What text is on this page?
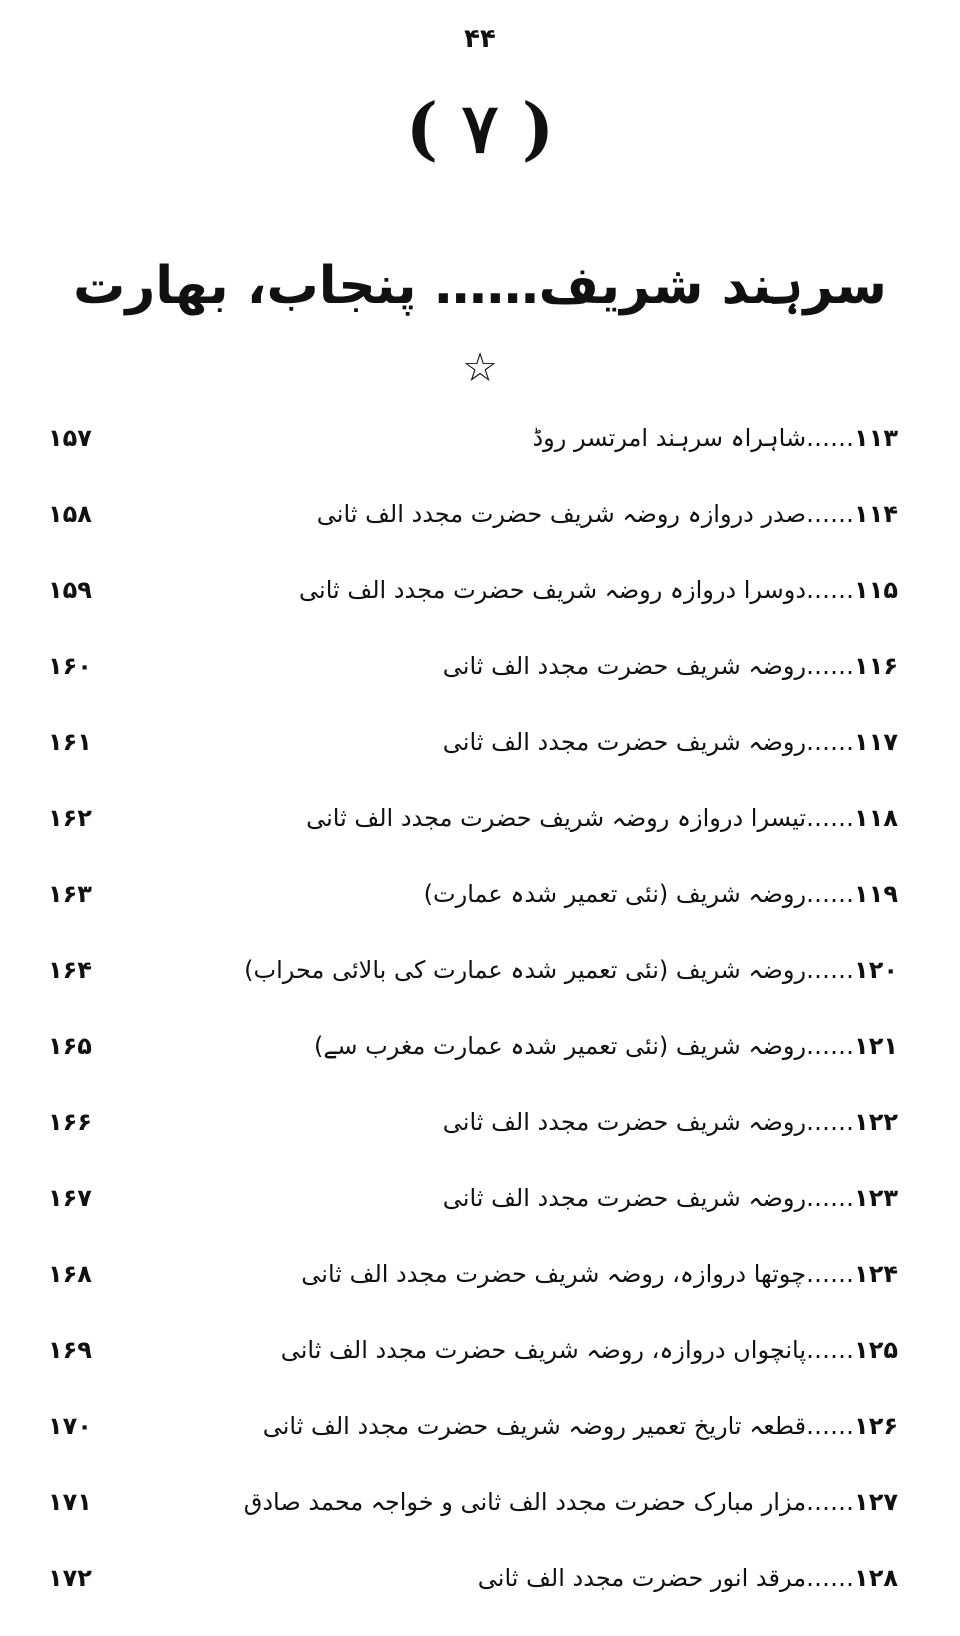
۴۴
( ۷ )
سرہند شریف…… پنجاب، بھارت
☆
۱۱۳……شاہراہ سرہند امرتسر روڈ
۱۵۷
۱۱۴……صدر دروازہ روضہ شریف حضرت مجدد الف ثانی
۱۵۸
۱۱۵……دوسرا دروازہ روضہ شریف حضرت مجدد الف ثانی
۱۵۹
۱۱۶……روضہ شریف حضرت مجدد الف ثانی
۱۶۰
۱۱۷……روضہ شریف حضرت مجدد الف ثانی
۱۶۱
۱۱۸……تیسرا دروازہ روضہ شریف حضرت مجدد الف ثانی
۱۶۲
۱۱۹……روضہ شریف (نئی تعمیر شدہ عمارت)
۱۶۳
۱۲۰……روضہ شریف (نئی تعمیر شدہ عمارت کی بالائی محراب)
۱۶۴
۱۲۱……روضہ شریف (نئی تعمیر شدہ عمارت مغرب سے)
۱۶۵
۱۲۲……روضہ شریف حضرت مجدد الف ثانی
۱۶۶
۱۲۳……روضہ شریف حضرت مجدد الف ثانی
۱۶۷
۱۲۴……چوتھا دروازہ، روضہ شریف حضرت مجدد الف ثانی
۱۶۸
۱۲۵……پانچواں دروازہ، روضہ شریف حضرت مجدد الف ثانی
۱۶۹
۱۲۶……قطعہ تاریخ تعمیر روضہ شریف حضرت مجدد الف ثانی
۱۷۰
۱۲۷……مزار مبارک حضرت مجدد الف ثانی و خواجہ محمد صادق
۱۷۱
۱۲۸……مرقد انور حضرت مجدد الف ثانی
۱۷۲
